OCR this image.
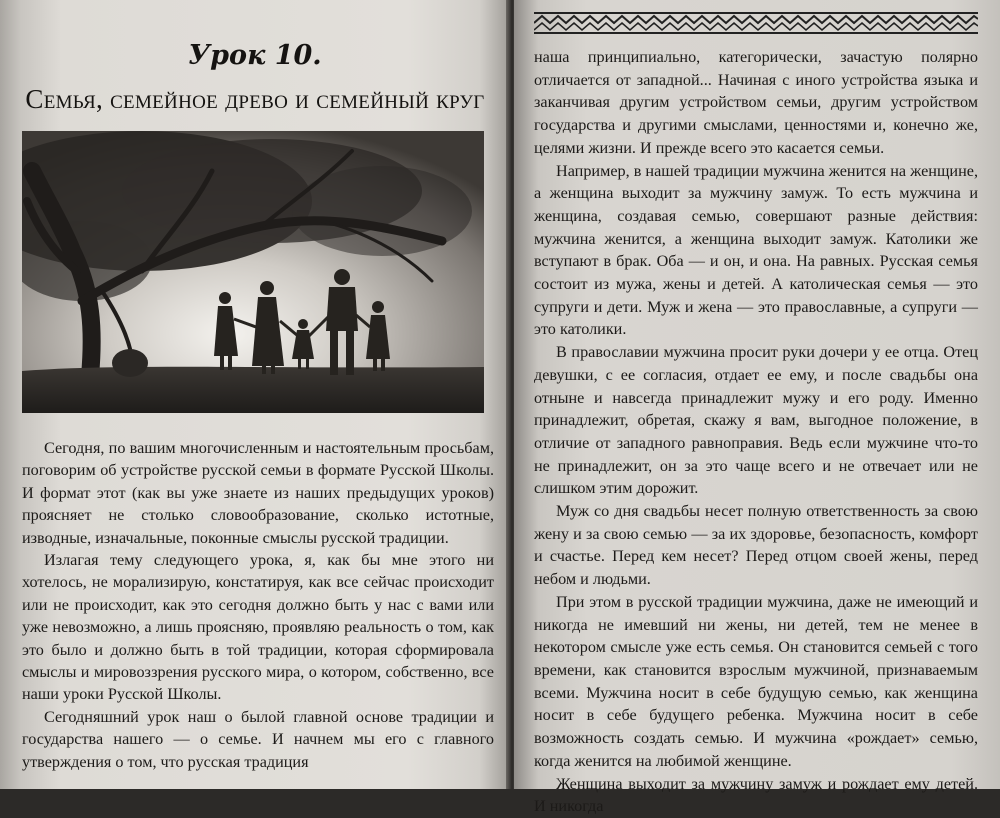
Урок 10.
Семья, семейное древо и семейный круг

Сегодня, по вашим многочисленным и настоятельным просьбам, поговорим об устройстве русской семьи в формате Русской Школы. И формат этот (как вы уже знаете из наших предыдущих уроков) проясняет не столько словообразование, сколько истотные, изводные, изначальные, поконные смыслы русской традиции.

Излагая тему следующего урока, я, как бы мне этого ни хотелось, не морализирую, констатируя, как все сейчас происходит или не происходит, как это сегодня должно быть у нас с вами или уже невозможно, а лишь проясняю, проявляю реальность о том, как это было и должно быть в той традиции, которая сформировала смыслы и мировоззрения русского мира, о котором, собственно, все наши уроки Русской Школы.

Сегодняшний урок наш о былой главной основе традиции и государства нашего — о семье. И начнем мы его с главного утверждения о том, что русская традиция

наша принципиально, категорически, зачастую полярно отличается от западной... Начиная с иного устройства языка и заканчивая другим устройством семьи, другим устройством государства и другими смыслами, ценностями и, конечно же, целями жизни. И прежде всего это касается семьи.

Например, в нашей традиции мужчина женится на женщине, а женщина выходит за мужчину замуж. То есть мужчина и женщина, создавая семью, совершают разные действия: мужчина женится, а женщина выходит замуж. Католики же вступают в брак. Оба — и он, и она. На равных. Русская семья состоит из мужа, жены и детей. А католическая семья — это супруги и дети. Муж и жена — это православные, а супруги — это католики.

В православии мужчина просит руки дочери у ее отца. Отец девушки, с ее согласия, отдает ее ему, и после свадьбы она отныне и навсегда принадлежит мужу и его роду. Именно принадлежит, обретая, скажу я вам, выгодное положение, в отличие от западного равноправия. Ведь если мужчине что-то не принадлежит, он за это чаще всего и не отвечает или не слишком этим дорожит.

Муж со дня свадьбы несет полную ответственность за свою жену и за свою семью — за их здоровье, безопасность, комфорт и счастье. Перед кем несет? Перед отцом своей жены, перед небом и людьми.

При этом в русской традиции мужчина, даже не имеющий и никогда не имевший ни жены, ни детей, тем не менее в некотором смысле уже есть семья. Он становится семьей с того времени, как становится взрослым мужчиной, признаваемым всеми. Мужчина носит в себе будущую семью, как женщина носит в себе будущего ребенка. Мужчина носит в себе возможность создать семью. И мужчина «рождает» семью, когда женится на любимой женщине.

Женщина выходит за мужчину замуж и рождает ему детей. И никогда
